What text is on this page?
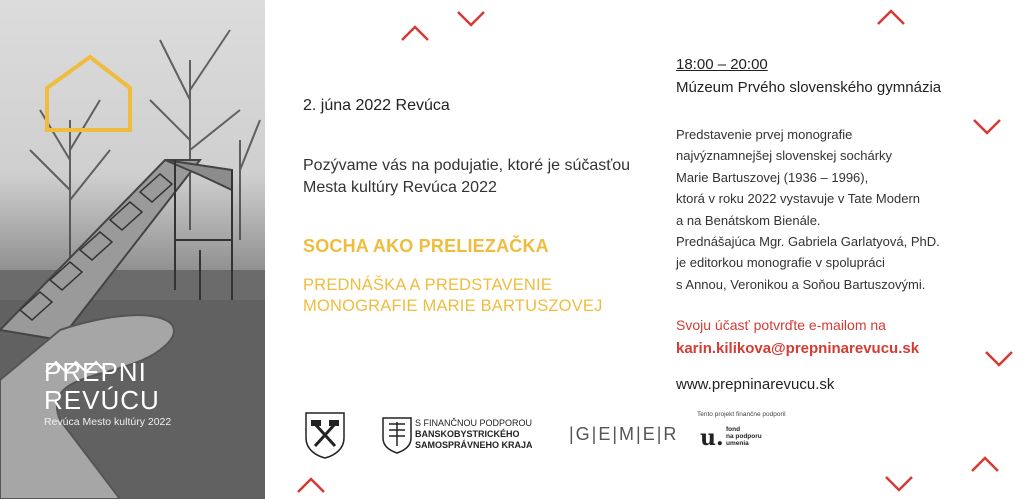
PREPNI
REVÚCU
Revúca Mesto kultúry 2022
2. júna 2022 Revúca
Pozývame vás na podujatie, ktoré je súčasťou Mesta kultúry Revúca 2022
SOCHA AKO PRELIEZAČKA
PREDNÁŠKA A PREDSTAVENIE
MONOGRAFIE MARIE BARTUSZOVEJ
18:00 – 20:00
Múzeum Prvého slovenského gymnázia
Predstavenie prvej monografie
najvýznamnejšej slovenskej sochárky
Marie Bartuszovej (1936 – 1996),
ktorá v roku 2022 vystavuje v Tate Modern
a na Benátskom Bienále.
Prednášajúca Mgr. Gabriela Garlatyová, PhD.
je editorkou monografie v spolupráci
s Annou, Veronikou a Soňou Bartuszovými.
Svoju účasť potvrďte e-mailom na
karin.kilikova@prepninarevucu.sk
www.prepninarevucu.sk
S FINANČNOU PODPOROU
BANSKOBYSTRICKÉHO
SAMOSPRÁVNEHO KRAJA
|G|E|M|E|R
Tento projekt finančne podporil
u. fond
na podporu
umenia
